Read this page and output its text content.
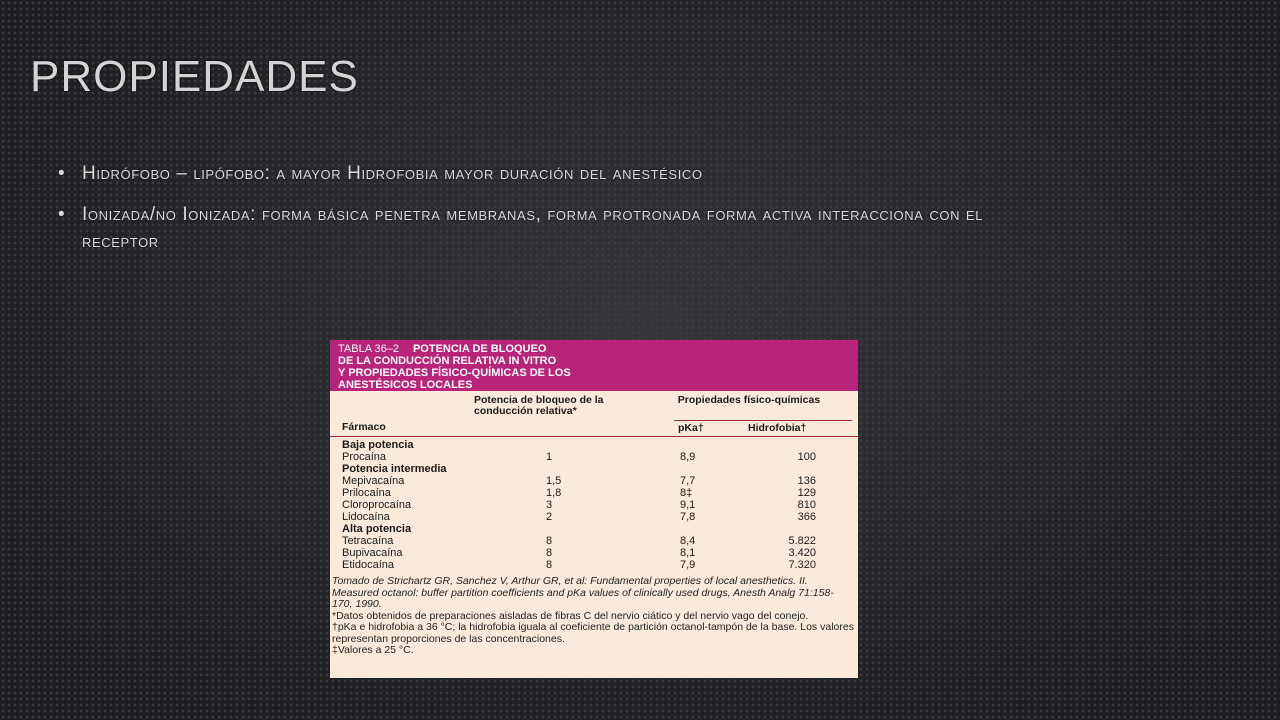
PROPIEDADES
• Hidrófobo – lipófobo: a mayor Hidrofobia mayor duración del anestésico
• Ionizada/no Ionizada: forma básica penetra membranas, forma protronada forma activa interacciona con el receptor
TABLA 36–2 POTENCIA DE BLOQUEO
DE LA CONDUCCIÓN RELATIVA IN VITRO
Y PROPIEDADES FÍSICO-QUÍMICAS DE LOS
ANESTÉSICOS LOCALES
Fármaco
Potencia de bloqueo de la conducción relativa*
Propiedades físico-químicas
pKa†	Hidrofobia†
Baja potencia
Procaína	1	8,9	100
Potencia intermedia
Mepivacaína	1,5	7,7	136
Prilocaína	1,8	8‡	129
Cloroprocaína	3	9,1	810
Lidocaína	2	7,8	366
Alta potencia
Tetracaína	8	8,4	5.822
Bupivacaína	8	8,1	3.420
Etidocaína	8	7,9	7.320

Tomado de Strichartz GR, Sanchez V, Arthur GR, et al: Fundamental properties of local anesthetics. II. Measured octanol: buffer partition coefficients and pKa values of clinically used drugs, Anesth Analg 71:158-170, 1990.

*Datos obtenidos de preparaciones aisladas de fibras C del nervio ciático y del nervio vago del conejo.

†pKa e hidrofobia a 36 °C; la hidrofobia iguala al coeficiente de partición octanol-tampón de la base. Los valores representan proporciones de las concentraciones.

‡Valores a 25 °C.
